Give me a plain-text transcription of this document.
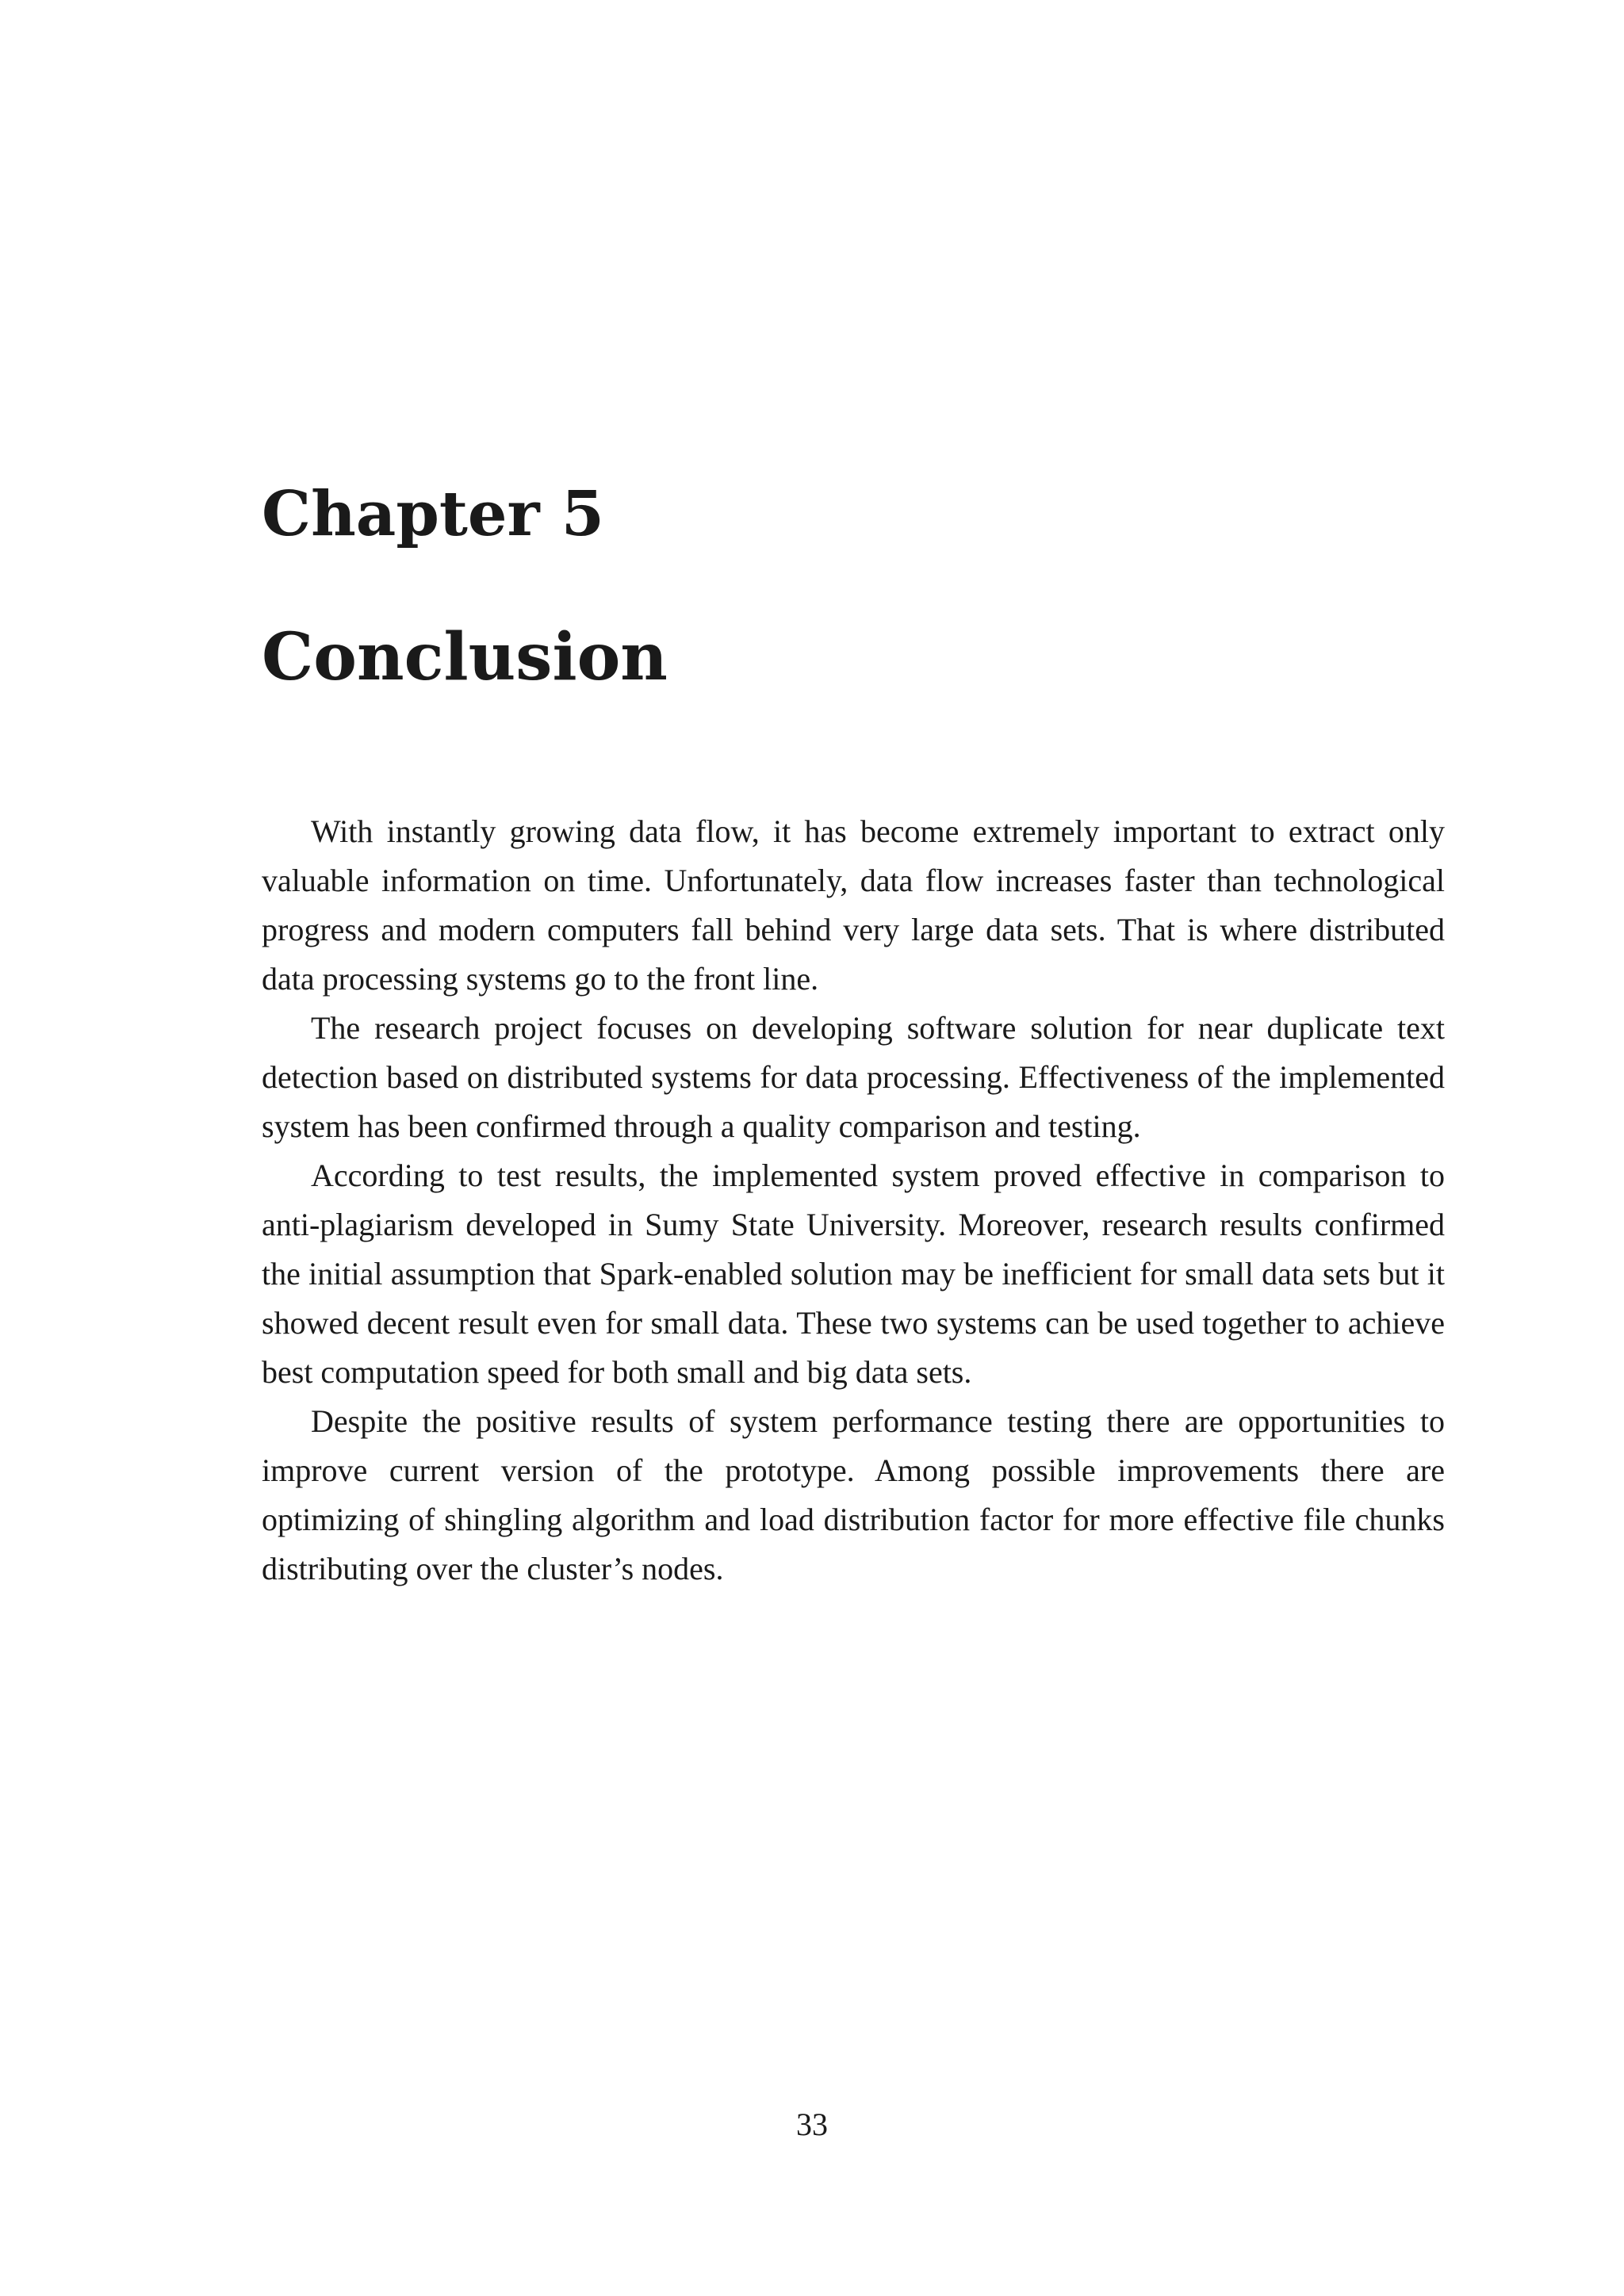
Chapter 5
Conclusion

With instantly growing data flow, it has become extremely important to extract only valuable information on time. Unfortunately, data flow increases faster than technological progress and modern computers fall behind very large data sets. That is where distributed data processing systems go to the front line.

The research project focuses on developing software solution for near duplicate text detection based on distributed systems for data processing. Effectiveness of the implemented system has been confirmed through a quality comparison and testing.

According to test results, the implemented system proved effective in comparison to anti-plagiarism developed in Sumy State University. Moreover, research results confirmed the initial assumption that Spark-enabled solution may be inefficient for small data sets but it showed decent result even for small data. These two systems can be used together to achieve best computation speed for both small and big data sets.

Despite the positive results of system performance testing there are opportunities to improve current version of the prototype. Among possible improvements there are optimizing of shingling algorithm and load distribution factor for more effective file chunks distributing over the cluster’s nodes.

33
